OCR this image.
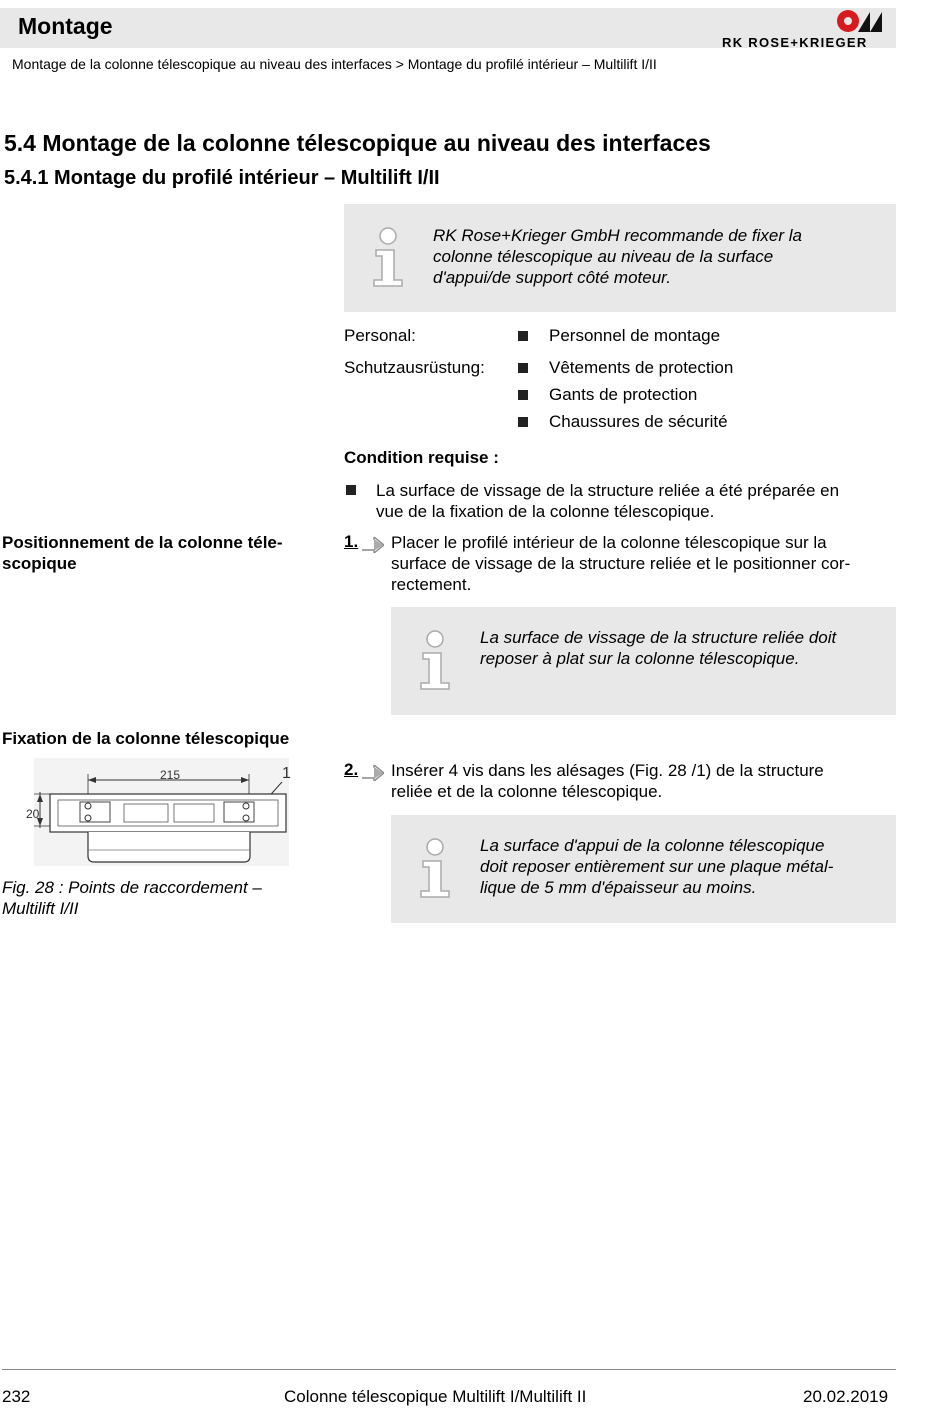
Montage
RK ROSE+KRIEGER
Montage de la colonne télescopique au niveau des interfaces > Montage du profilé intérieur – Multilift I/II
5.4 Montage de la colonne télescopique au niveau des interfaces
5.4.1 Montage du profilé intérieur – Multilift I/II
RK Rose+Krieger GmbH recommande de fixer la
colonne télescopique au niveau de la surface
d'appui/de support côté moteur.
Personal:	Personnel de montage
Schutzausrüstung:	Vêtements de protection
Gants de protection
Chaussures de sécurité
Condition requise :
La surface de vissage de la structure reliée a été préparée en
vue de la fixation de la colonne télescopique.
Positionnement de la colonne téle-
scopique
1. Placer le profilé intérieur de la colonne télescopique sur la
surface de vissage de la structure reliée et le positionner cor-
rectement.
La surface de vissage de la structure reliée doit
reposer à plat sur la colonne télescopique.
Fixation de la colonne télescopique
215	1
20
Fig. 28 : Points de raccordement –
Multilift I/II
2. Insérer 4 vis dans les alésages (Fig. 28 /1) de la structure
reliée et de la colonne télescopique.
La surface d'appui de la colonne télescopique
doit reposer entièrement sur une plaque métal-
lique de 5 mm d'épaisseur au moins.
232	Colonne télescopique Multilift I/Multilift II	20.02.2019
